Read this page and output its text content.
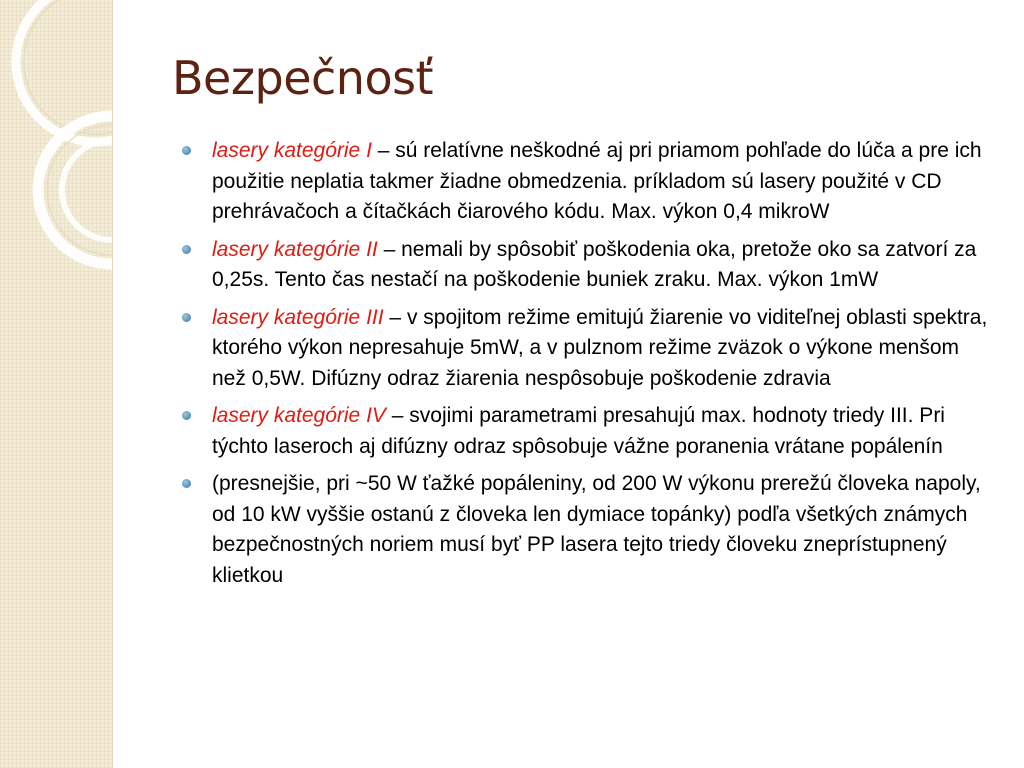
Bezpečnosť
lasery kategórie I – sú relatívne neškodné aj pri priamom pohľade do lúča a pre ich použitie neplatia takmer žiadne obmedzenia. príkladom sú lasery použité v CD prehrávačoch a čítačkách čiarového kódu. Max. výkon 0,4 mikroW
lasery kategórie II – nemali by spôsobiť poškodenia oka, pretože oko sa zatvorí za 0,25s. Tento čas nestačí na poškodenie buniek zraku. Max. výkon 1mW
lasery kategórie III – v spojitom režime emitujú žiarenie vo viditeľnej oblasti spektra, ktorého výkon nepresahuje 5mW, a v pulznom režime zväzok o výkone menšom než 0,5W. Difúzny odraz žiarenia nespôsobuje poškodenie zdravia
lasery kategórie IV – svojimi parametrami presahujú max. hodnoty triedy III. Pri týchto laseroch aj difúzny odraz spôsobuje vážne poranenia vrátane popálenín
(presnejšie, pri ~50 W ťažké popáleniny, od 200 W výkonu prerežú človeka napoly, od 10 kW vyššie ostanú z človeka len dymiace topánky) podľa všetkých známych bezpečnostných noriem musí byť PP lasera tejto triedy človeku zneprístupnený klietkou
